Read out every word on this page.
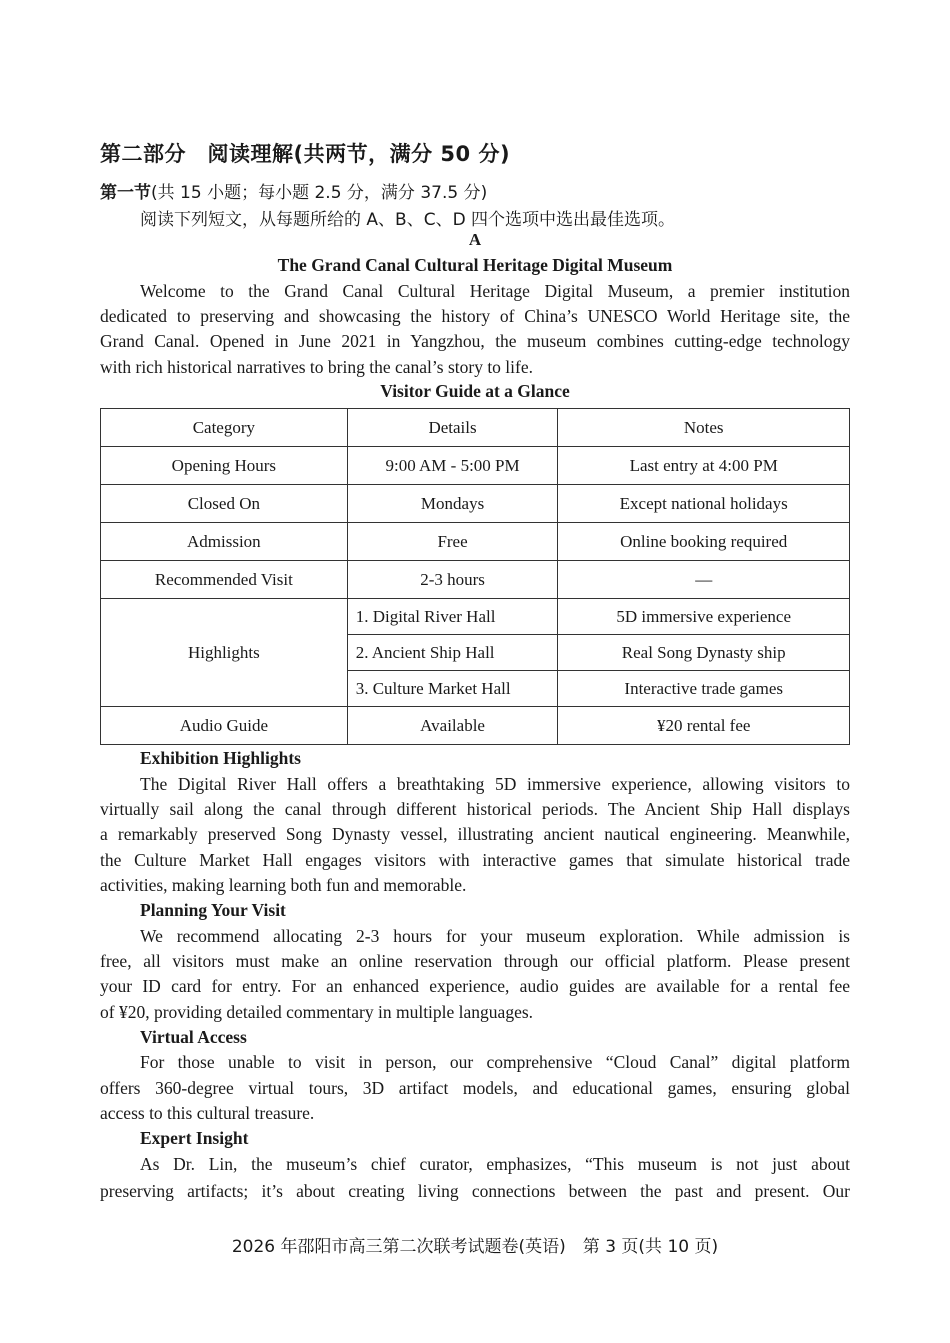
第二部分　阅读理解(共两节，满分 50 分)
第一节(共 15 小题；每小题 2.5 分，满分 37.5 分)
阅读下列短文，从每题所给的 A、B、C、D 四个选项中选出最佳选项。
A
The Grand Canal Cultural Heritage Digital Museum
Welcome to the Grand Canal Cultural Heritage Digital Museum, a premier institution
dedicated to preserving and showcasing the history of China’s UNESCO World Heritage site, the
Grand Canal. Opened in June 2021 in Yangzhou, the museum combines cutting-edge technology
with rich historical narratives to bring the canal’s story to life.
Visitor Guide at a Glance
Category	Details	Notes
Opening Hours	9:00 AM - 5:00 PM	Last entry at 4:00 PM
Closed On	Mondays	Except national holidays
Admission	Free	Online booking required
Recommended Visit	2-3 hours	—
Highlights	1. Digital River Hall	5D immersive experience
	2. Ancient Ship Hall	Real Song Dynasty ship
	3. Culture Market Hall	Interactive trade games
Audio Guide	Available	¥20 rental fee
Exhibition Highlights
The Digital River Hall offers a breathtaking 5D immersive experience, allowing visitors to
virtually sail along the canal through different historical periods. The Ancient Ship Hall displays
a remarkably preserved Song Dynasty vessel, illustrating ancient nautical engineering. Meanwhile,
the Culture Market Hall engages visitors with interactive games that simulate historical trade
activities, making learning both fun and memorable.
Planning Your Visit
We recommend allocating 2-3 hours for your museum exploration. While admission is
free, all visitors must make an online reservation through our official platform. Please present
your ID card for entry. For an enhanced experience, audio guides are available for a rental fee
of ¥20, providing detailed commentary in multiple languages.
Virtual Access
For those unable to visit in person, our comprehensive “Cloud Canal” digital platform
offers 360-degree virtual tours, 3D artifact models, and educational games, ensuring global
access to this cultural treasure.
Expert Insight
As Dr. Lin, the museum’s chief curator, emphasizes, “This museum is not just about
preserving artifacts; it’s about creating living connections between the past and present. Our
2026 年邵阳市高三第二次联考试题卷(英语)　第 3 页(共 10 页)
